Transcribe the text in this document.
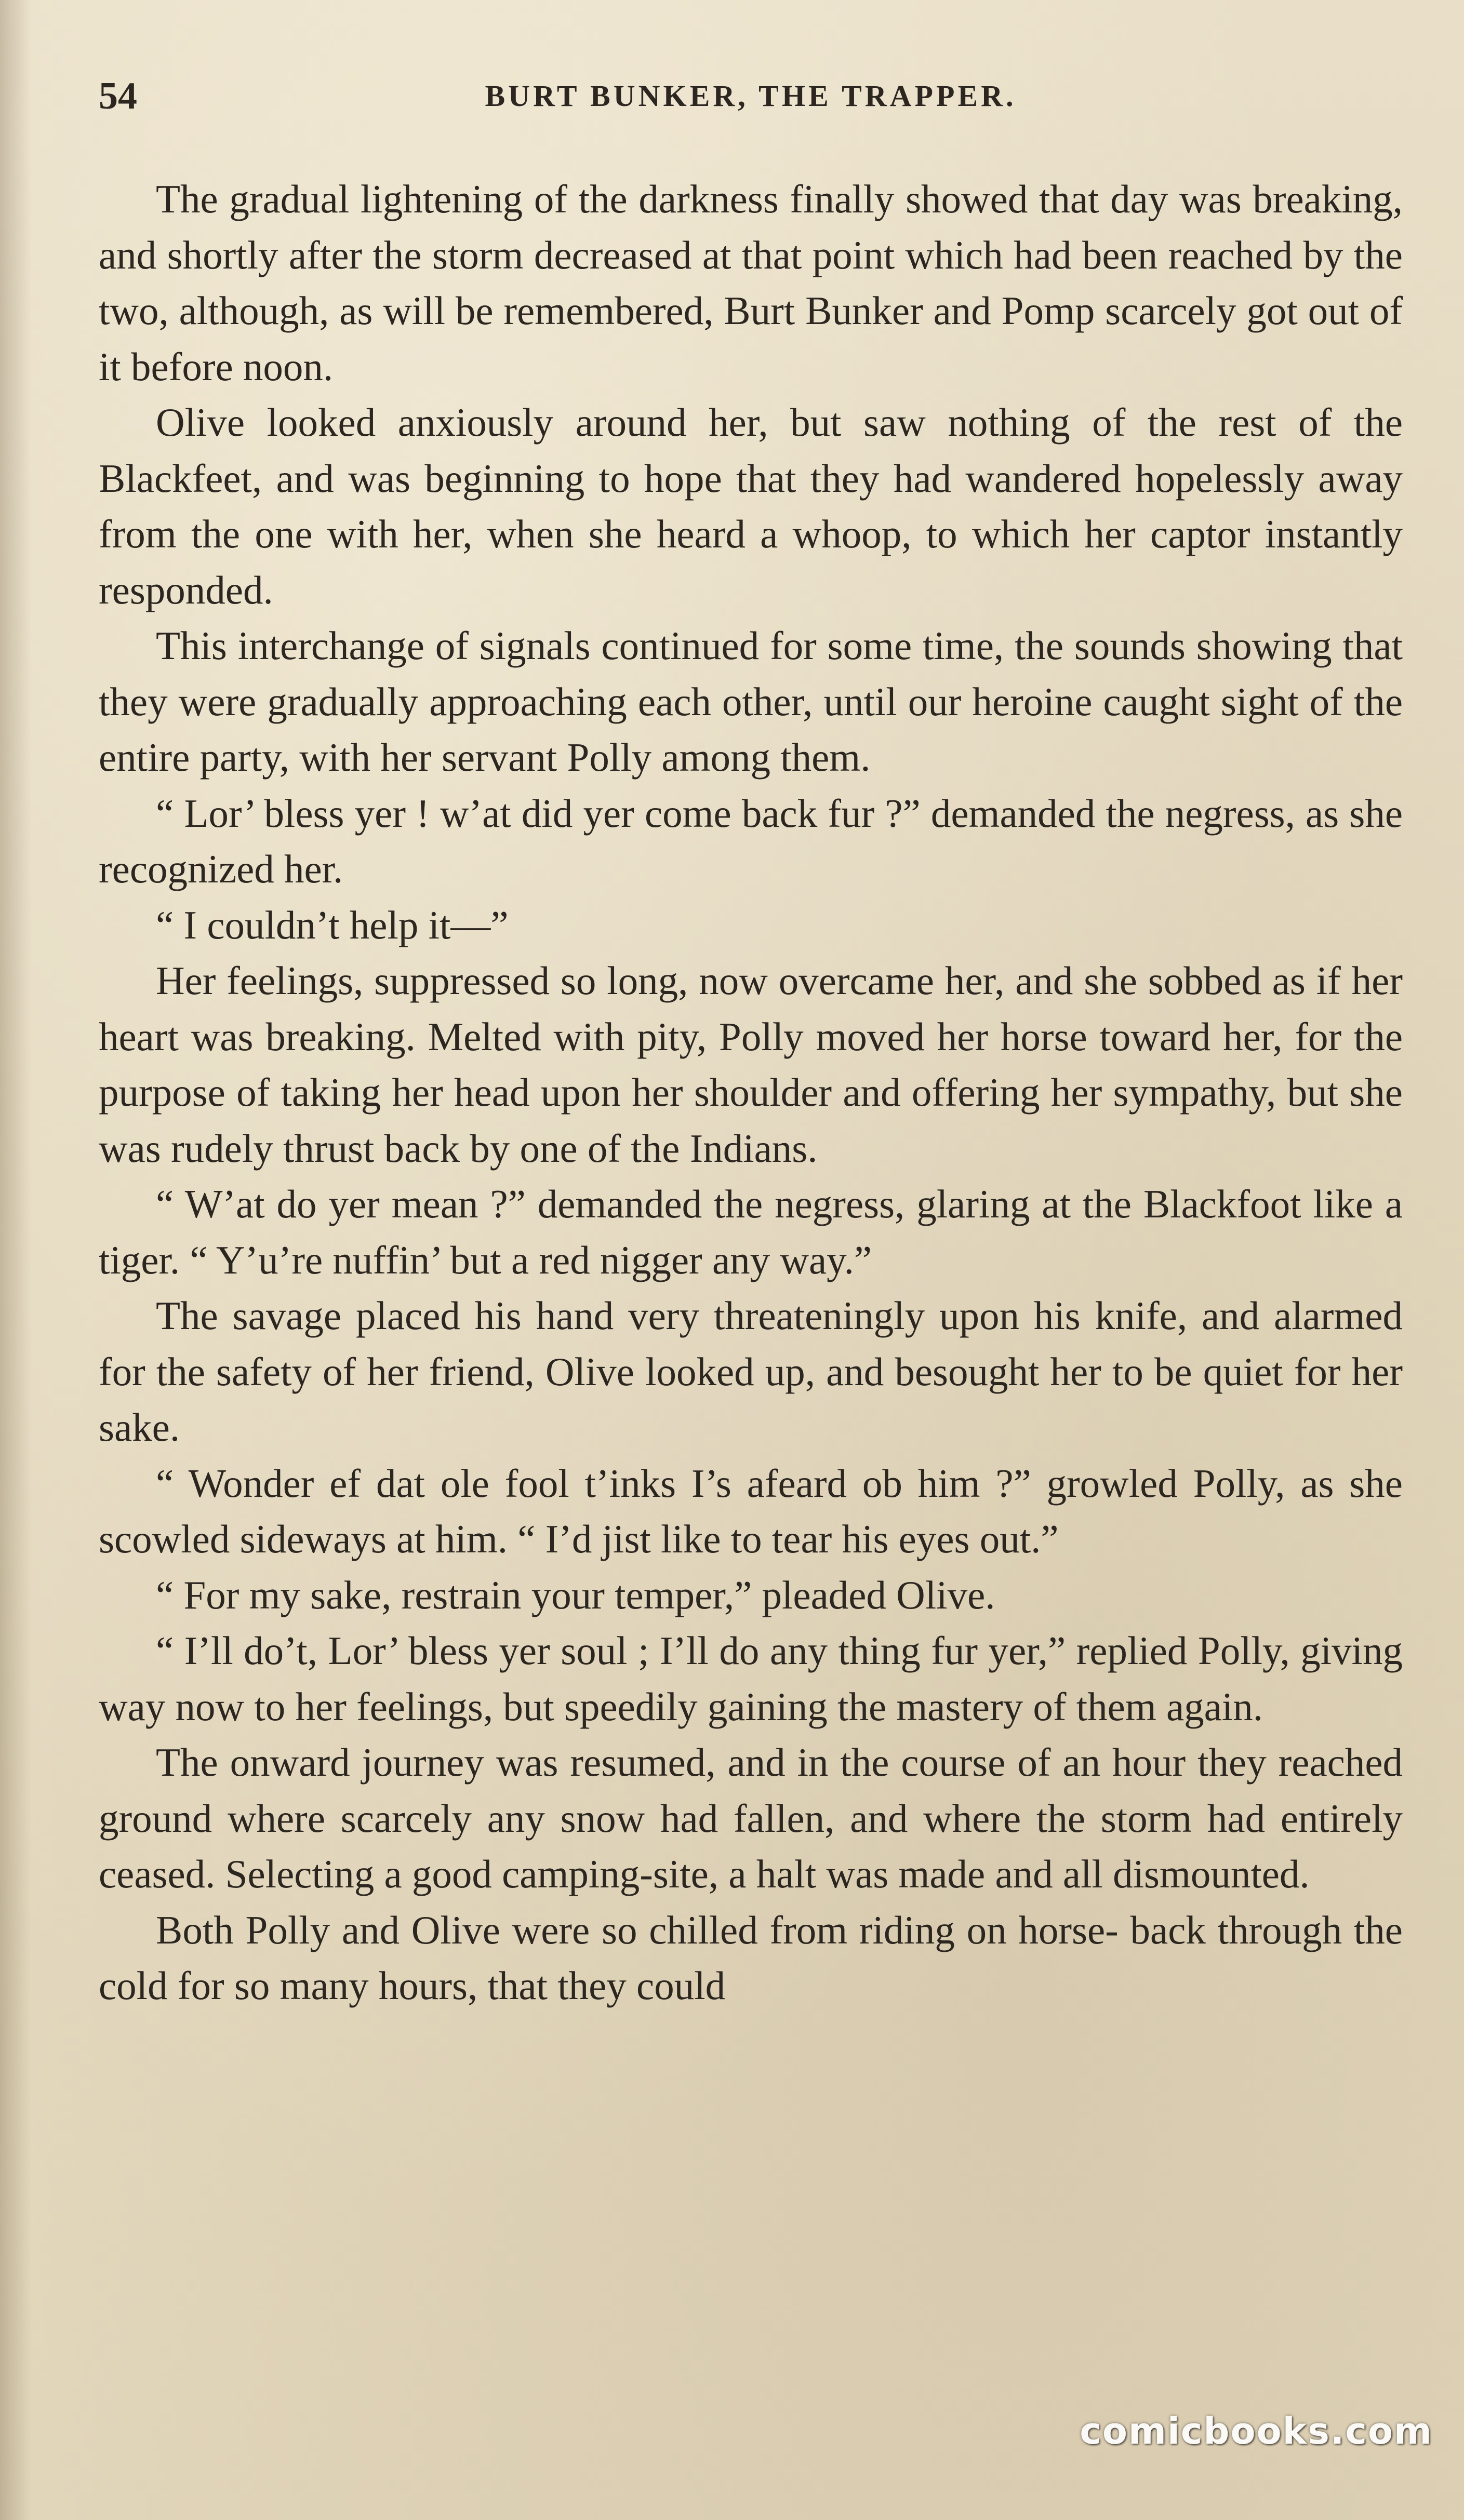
BURT BUNKER, THE TRAPPER.
54

The gradual lightening of the darkness finally showed that day was breaking, and shortly after the storm decreased at that point which had been reached by the two, although, as will be remembered, Burt Bunker and Pomp scarcely got out of it before noon.

Olive looked anxiously around her, but saw nothing of the rest of the Blackfeet, and was beginning to hope that they had wandered hopelessly away from the one with her, when she heard a whoop, to which her captor instantly responded.

This interchange of signals continued for some time, the sounds showing that they were gradually approaching each other, until our heroine caught sight of the entire party, with her servant Polly among them.

“ Lor’ bless yer ! w’at did yer come back fur ?” demanded the negress, as she recognized her.

“ I couldn’t help it—”

Her feelings, suppressed so long, now overcame her, and she sobbed as if her heart was breaking. Melted with pity, Polly moved her horse toward her, for the purpose of taking her head upon her shoulder and offering her sympathy, but she was rudely thrust back by one of the Indians.

“ W’at do yer mean ?” demanded the negress, glaring at the Blackfoot like a tiger. “ Y’u’re nuffin’ but a red nigger any way.”

The savage placed his hand very threateningly upon his knife, and alarmed for the safety of her friend, Olive looked up, and besought her to be quiet for her sake.

“ Wonder ef dat ole fool t’inks I’s afeard ob him ?” growled Polly, as she scowled sideways at him. “ I’d jist like to tear his eyes out.”

“ For my sake, restrain your temper,” pleaded Olive.

“ I’ll do’t, Lor’ bless yer soul ; I’ll do any thing fur yer,” replied Polly, giving way now to her feelings, but speedily gaining the mastery of them again.

The onward journey was resumed, and in the course of an hour they reached ground where scarcely any snow had fallen, and where the storm had entirely ceased. Selecting a good camping-site, a halt was made and all dismounted.

Both Polly and Olive were so chilled from riding on horse- back through the cold for so many hours, that they could

comicbooks.com
